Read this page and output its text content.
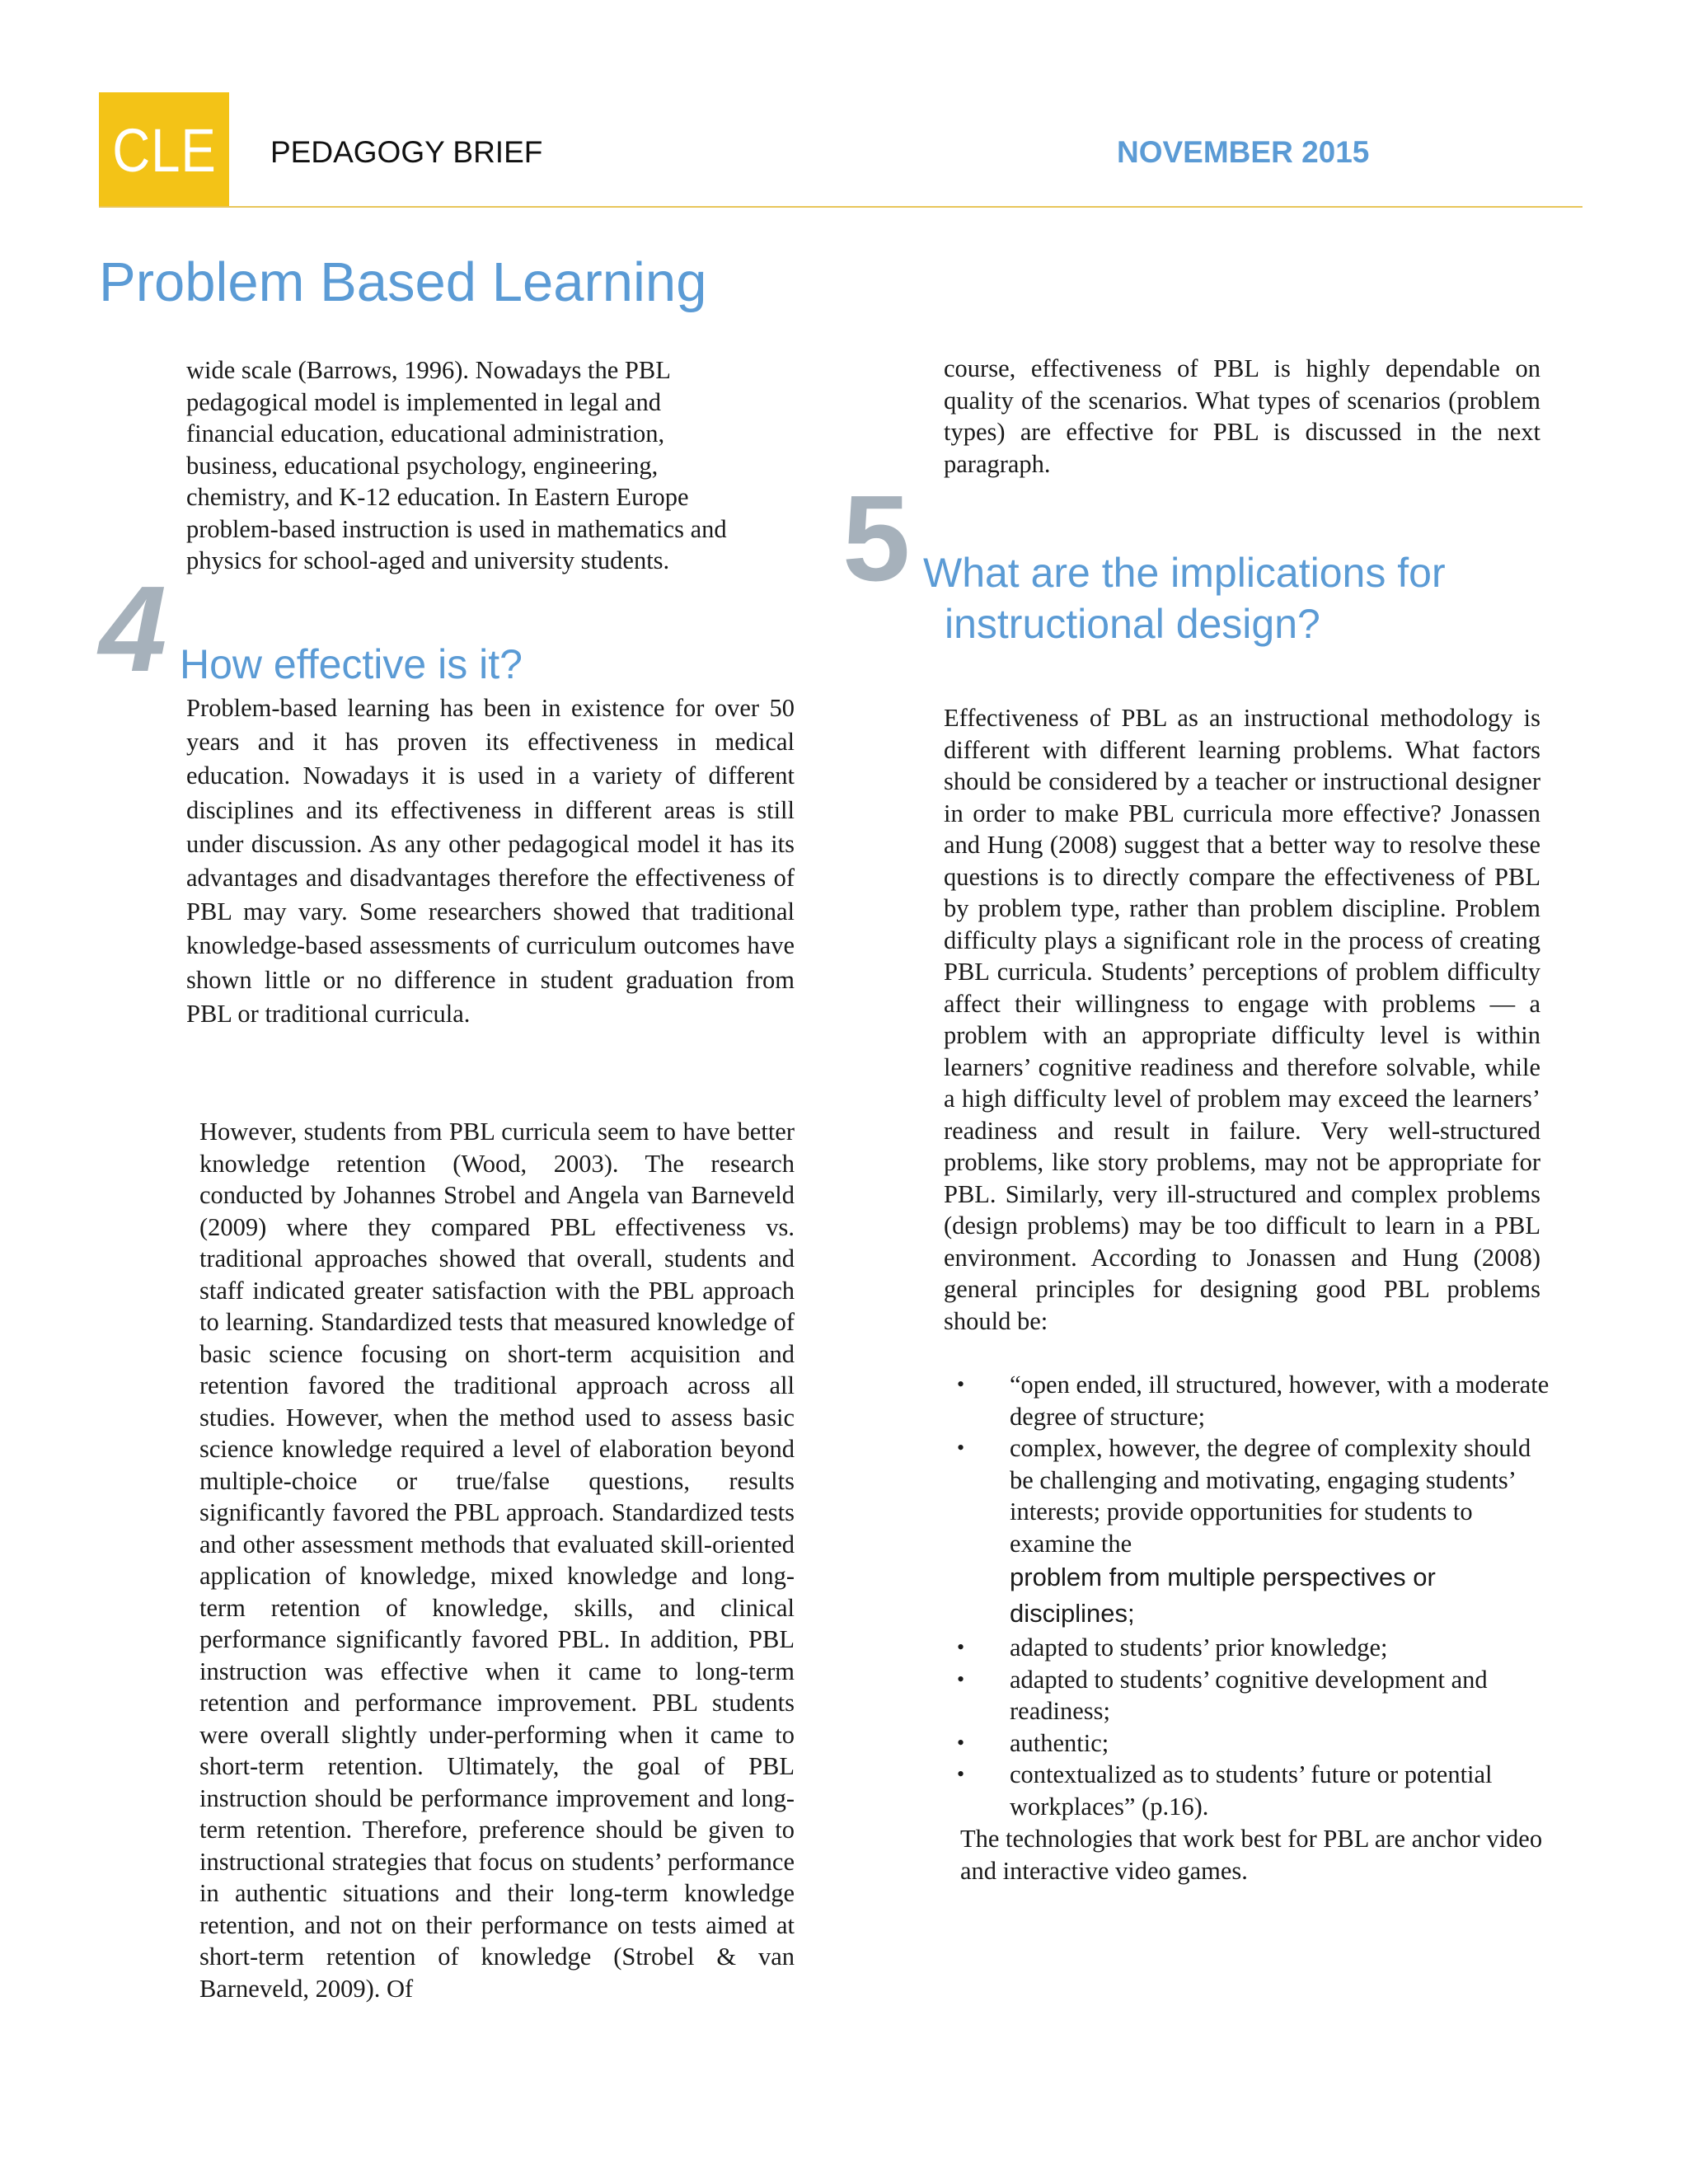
CLE PEDAGOGY BRIEF	NOVEMBER 2015
Problem Based Learning
4 How effective is it?
5 What are the implications for
instructional design?

wide scale (Barrows, 1996). Nowadays the PBL pedagogical model is implemented in legal and financial education, educational administration, business, educational psychology, engineering, chemistry, and K-12 education. In Eastern Europe problem-based instruction is used in mathematics and physics for school-aged and university students.

Problem-based learning has been in existence for over 50 years and it has proven its effectiveness in medical education. Nowadays it is used in a variety of different disciplines and its effectiveness in different areas is still under discussion. As any other pedagogical model it has its advantages and disadvantages therefore the effectiveness of PBL may vary. Some researchers showed that traditional knowledge-based assessments of curriculum outcomes have shown little or no difference in student graduation from PBL or traditional curricula.

However, students from PBL curricula seem to have better knowledge retention (Wood, 2003). The research conducted by Johannes Strobel and Angela van Barneveld (2009) where they compared PBL effectiveness vs. traditional approaches showed that overall, students and staff indicated greater satisfaction with the PBL approach to learning. Standardized tests that measured knowledge of basic science focusing on short-term acquisition and retention favored the traditional approach across all studies. However, when the method used to assess basic science knowledge required a level of elaboration beyond multiple-choice or true/false questions, results significantly favored the PBL approach. Standardized tests and other assessment methods that evaluated skill-oriented application of knowledge, mixed knowledge and long- term retention of knowledge, skills, and clinical performance significantly favored PBL. In addition, PBL instruction was effective when it came to long-term retention and performance improvement. PBL students were overall slightly under-performing when it came to short-term retention. Ultimately, the goal of PBL instruction should be performance improvement and long-term retention. Therefore, preference should be given to instructional strategies that focus on students’ performance in authentic situations and their long-term knowledge retention, and not on their performance on tests aimed at short-term retention of knowledge (Strobel & van Barneveld, 2009). Of

course, effectiveness of PBL is highly dependable on quality of the scenarios. What types of scenarios (problem types) are effective for PBL is discussed in the next paragraph.

Effectiveness of PBL as an instructional methodology is different with different learning problems. What factors should be considered by a teacher or instructional designer in order to make PBL curricula more effective? Jonassen and Hung (2008) suggest that a better way to resolve these questions is to directly compare the effectiveness of PBL by problem type, rather than problem discipline. Problem difficulty plays a significant role in the process of creating PBL curricula. Students’ perceptions of problem difficulty affect their willingness to engage with problems — a problem with an appropriate difficulty level is within learners’ cognitive readiness and therefore solvable, while a high difficulty level of problem may exceed the learners’ readiness and result in failure. Very well-structured problems, like story problems, may not be appropriate for PBL. Similarly, very ill-structured and complex problems (design problems) may be too difficult to learn in a PBL environment. According to Jonassen and Hung (2008) general principles for designing good PBL problems should be:

• “open ended, ill structured, however, with a moderate degree of structure;
• complex, however, the degree of complexity should be challenging and motivating, engaging students’ interests; provide opportunities for students to examine the
problem from multiple perspectives or disciplines;
• adapted to students’ prior knowledge;
• adapted to students’ cognitive development and readiness;
• authentic;
• contextualized as to students’ future or potential workplaces” (p.16).

The technologies that work best for PBL are anchor video and interactive video games.
